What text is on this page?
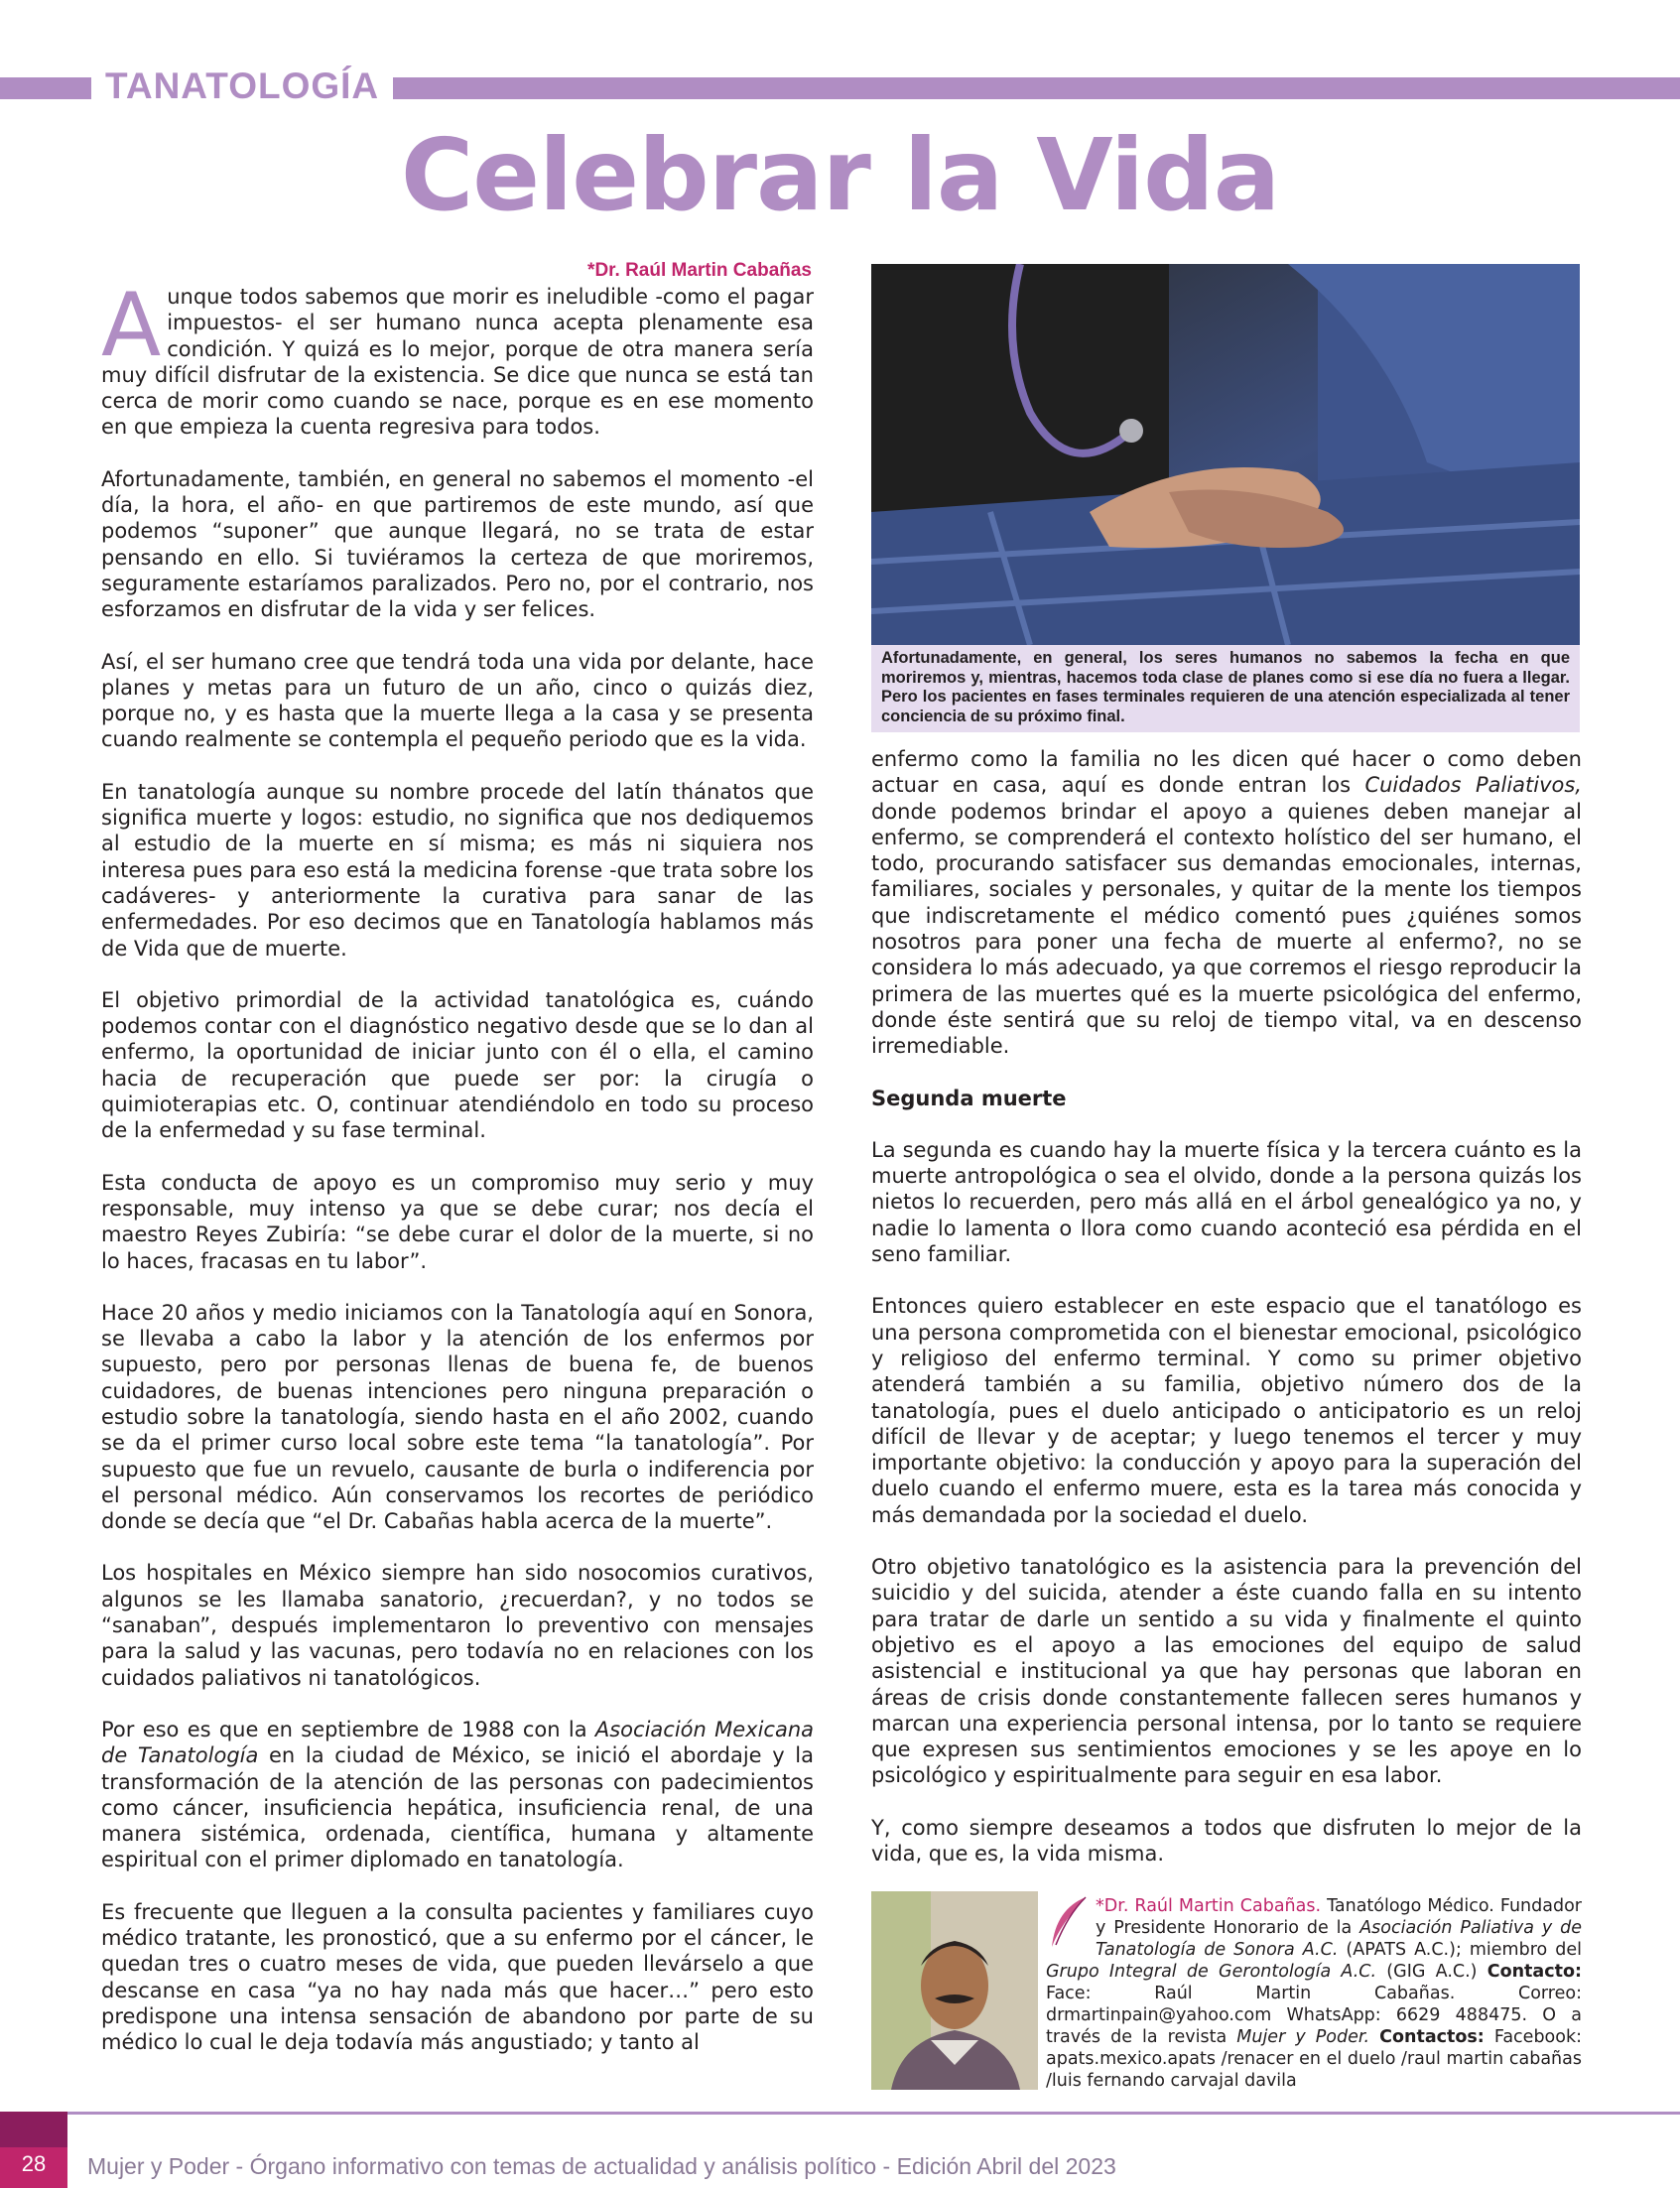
TANATOLOGÍA
Celebrar la Vida
*Dr. Raúl Martin Cabañas

Aunque todos sabemos que morir es ineludible -como el pagar impuestos- el ser humano nunca acepta plenamente esa condición. Y quizá es lo mejor, porque de otra manera sería muy difícil disfrutar de la existencia. Se dice que nunca se está tan cerca de morir como cuando se nace, porque es en ese momento en que empieza la cuenta regresiva para todos.

Afortunadamente, también, en general no sabemos el momento -el día, la hora, el año- en que partiremos de este mundo, así que podemos “suponer” que aunque llegará, no se trata de estar pensando en ello. Si tuviéramos la certeza de que moriremos, seguramente estaríamos paralizados. Pero no, por el contrario, nos esforzamos en disfrutar de la vida y ser felices.

Así, el ser humano cree que tendrá toda una vida por delante, hace planes y metas para un futuro de un año, cinco o quizás diez, porque no, y es hasta que la muerte llega a la casa y se presenta cuando realmente se contempla el pequeño periodo que es la vida.

En tanatología aunque su nombre procede del latín thánatos que significa muerte y logos: estudio, no significa que nos dediquemos al estudio de la muerte en sí misma; es más ni siquiera nos interesa pues para eso está la medicina forense -que trata sobre los cadáveres- y anteriormente la curativa para sanar de las enfermedades. Por eso decimos que en Tanatología hablamos más de Vida que de muerte.

El objetivo primordial de la actividad tanatológica es, cuándo podemos contar con el diagnóstico negativo desde que se lo dan al enfermo, la oportunidad de iniciar junto con él o ella, el camino hacia de recuperación que puede ser por: la cirugía o quimioterapias etc. O, continuar atendiéndolo en todo su proceso de la enfermedad y su fase terminal.

Esta conducta de apoyo es un compromiso muy serio y muy responsable, muy intenso ya que se debe curar; nos decía el maestro Reyes Zubiría: “se debe curar el dolor de la muerte, si no lo haces, fracasas en tu labor”.

Hace 20 años y medio iniciamos con la Tanatología aquí en Sonora, se llevaba a cabo la labor y la atención de los enfermos por supuesto, pero por personas llenas de buena fe, de buenos cuidadores, de buenas intenciones pero ninguna preparación o estudio sobre la tanatología, siendo hasta en el año 2002, cuando se da el primer curso local sobre este tema “la tanatología”. Por supuesto que fue un revuelo, causante de burla o indiferencia por el personal médico. Aún conservamos los recortes de periódico donde se decía que “el Dr. Cabañas habla acerca de la muerte”.

Los hospitales en México siempre han sido nosocomios curativos, algunos se les llamaba sanatorio, ¿recuerdan?, y no todos se “sanaban”, después implementaron lo preventivo con mensajes para la salud y las vacunas, pero todavía no en relaciones con los cuidados paliativos ni tanatológicos.

Por eso es que en septiembre de 1988 con la Asociación Mexicana de Tanatología en la ciudad de México, se inició el abordaje y la transformación de la atención de las personas con padecimientos como cáncer, insuficiencia hepática, insuficiencia renal, de una manera sistémica, ordenada, científica, humana y altamente espiritual con el primer diplomado en tanatología.

Es frecuente que lleguen a la consulta pacientes y familiares cuyo médico tratante, les pronosticó, que a su enfermo por el cáncer, le quedan tres o cuatro meses de vida, que pueden llevárselo a que descanse en casa “ya no hay nada más que hacer…” pero esto predispone una intensa sensación de abandono por parte de su médico lo cual le deja todavía más angustiado; y tanto al

Afortunadamente, en general, los seres humanos no sabemos la fecha en que moriremos y, mientras, hacemos toda clase de planes como si ese día no fuera a llegar. Pero los pacientes en fases terminales requieren de una atención especializada al tener conciencia de su próximo final.

enfermo como la familia no les dicen qué hacer o como deben actuar en casa, aquí es donde entran los Cuidados Paliativos, donde podemos brindar el apoyo a quienes deben manejar al enfermo, se comprenderá el contexto holístico del ser humano, el todo, procurando satisfacer sus demandas emocionales, internas, familiares, sociales y personales, y quitar de la mente los tiempos que indiscretamente el médico comentó pues ¿quiénes somos nosotros para poner una fecha de muerte al enfermo?, no se considera lo más adecuado, ya que corremos el riesgo reproducir la primera de las muertes qué es la muerte psicológica del enfermo, donde éste sentirá que su reloj de tiempo vital, va en descenso irremediable.

Segunda muerte

La segunda es cuando hay la muerte física y la tercera cuánto es la muerte antropológica o sea el olvido, donde a la persona quizás los nietos lo recuerden, pero más allá en el árbol genealógico ya no, y nadie lo lamenta o llora como cuando aconteció esa pérdida en el seno familiar.

Entonces quiero establecer en este espacio que el tanatólogo es una persona comprometida con el bienestar emocional, psicológico y religioso del enfermo terminal. Y como su primer objetivo atenderá también a su familia, objetivo número dos de la tanatología, pues el duelo anticipado o anticipatorio es un reloj difícil de llevar y de aceptar; y luego tenemos el tercer y muy importante objetivo: la conducción y apoyo para la superación del duelo cuando el enfermo muere, esta es la tarea más conocida y más demandada por la sociedad el duelo.

Otro objetivo tanatológico es la asistencia para la prevención del suicidio y del suicida, atender a éste cuando falla en su intento para tratar de darle un sentido a su vida y finalmente el quinto objetivo es el apoyo a las emociones del equipo de salud asistencial e institucional ya que hay personas que laboran en áreas de crisis donde constantemente fallecen seres humanos y marcan una experiencia personal intensa, por lo tanto se requiere que expresen sus sentimientos emociones y se les apoye en lo psicológico y espiritualmente para seguir en esa labor.

Y, como siempre deseamos a todos que disfruten lo mejor de la vida, que es, la vida misma.

*Dr. Raúl Martin Cabañas. Tanatólogo Médico. Fundador y Presidente Honorario de la Asociación Paliativa y de Tanatología de Sonora A.C. (APATS A.C.); miembro del Grupo Integral de Gerontología A.C. (GIG A.C.) Contacto: Face: Raúl Martin Cabañas. Correo: drmartinpain@yahoo.com WhatsApp: 6629 488475. O a través de la revista Mujer y Poder. Contactos: Facebook: apats.mexico.apats /renacer en el duelo /raul martin cabañas /luis fernando carvajal davila
28	Mujer y Poder - Órgano informativo con temas de actualidad y análisis político - Edición Abril del 2023
